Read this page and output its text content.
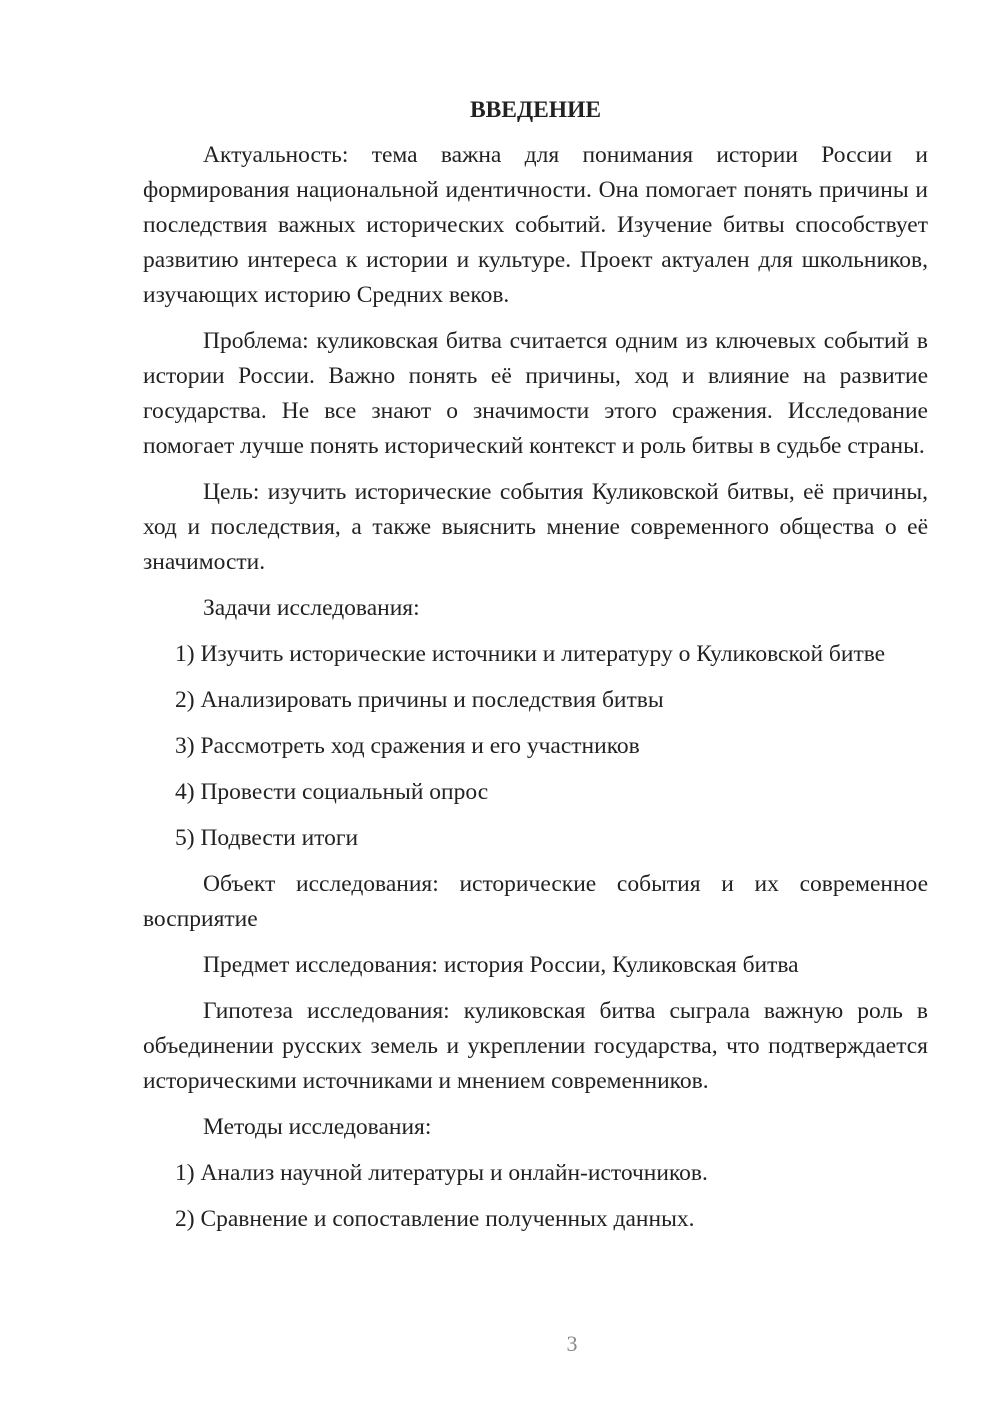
ВВЕДЕНИЕ

Актуальность: тема важна для понимания истории России и формирования национальной идентичности. Она помогает понять причины и последствия важных исторических событий. Изучение битвы способствует развитию интереса к истории и культуре. Проект актуален для школьников, изучающих историю Средних веков.

Проблема: куликовская битва считается одним из ключевых событий в истории России. Важно понять её причины, ход и влияние на развитие государства. Не все знают о значимости этого сражения. Исследование помогает лучше понять исторический контекст и роль битвы в судьбе страны.

Цель: изучить исторические события Куликовской битвы, её причины, ход и последствия, а также выяснить мнение современного общества о её значимости.

Задачи исследования:

1) Изучить исторические источники и литературу о Куликовской битве

2) Анализировать причины и последствия битвы

3) Рассмотреть ход сражения и его участников

4) Провести социальный опрос

5) Подвести итоги

Объект исследования: исторические события и их современное восприятие

Предмет исследования: история России, Куликовская битва

Гипотеза исследования: куликовская битва сыграла важную роль в объединении русских земель и укреплении государства, что подтверждается историческими источниками и мнением современников.

Методы исследования:

1) Анализ научной литературы и онлайн-источников.

2) Сравнение и сопоставление полученных данных.

3
